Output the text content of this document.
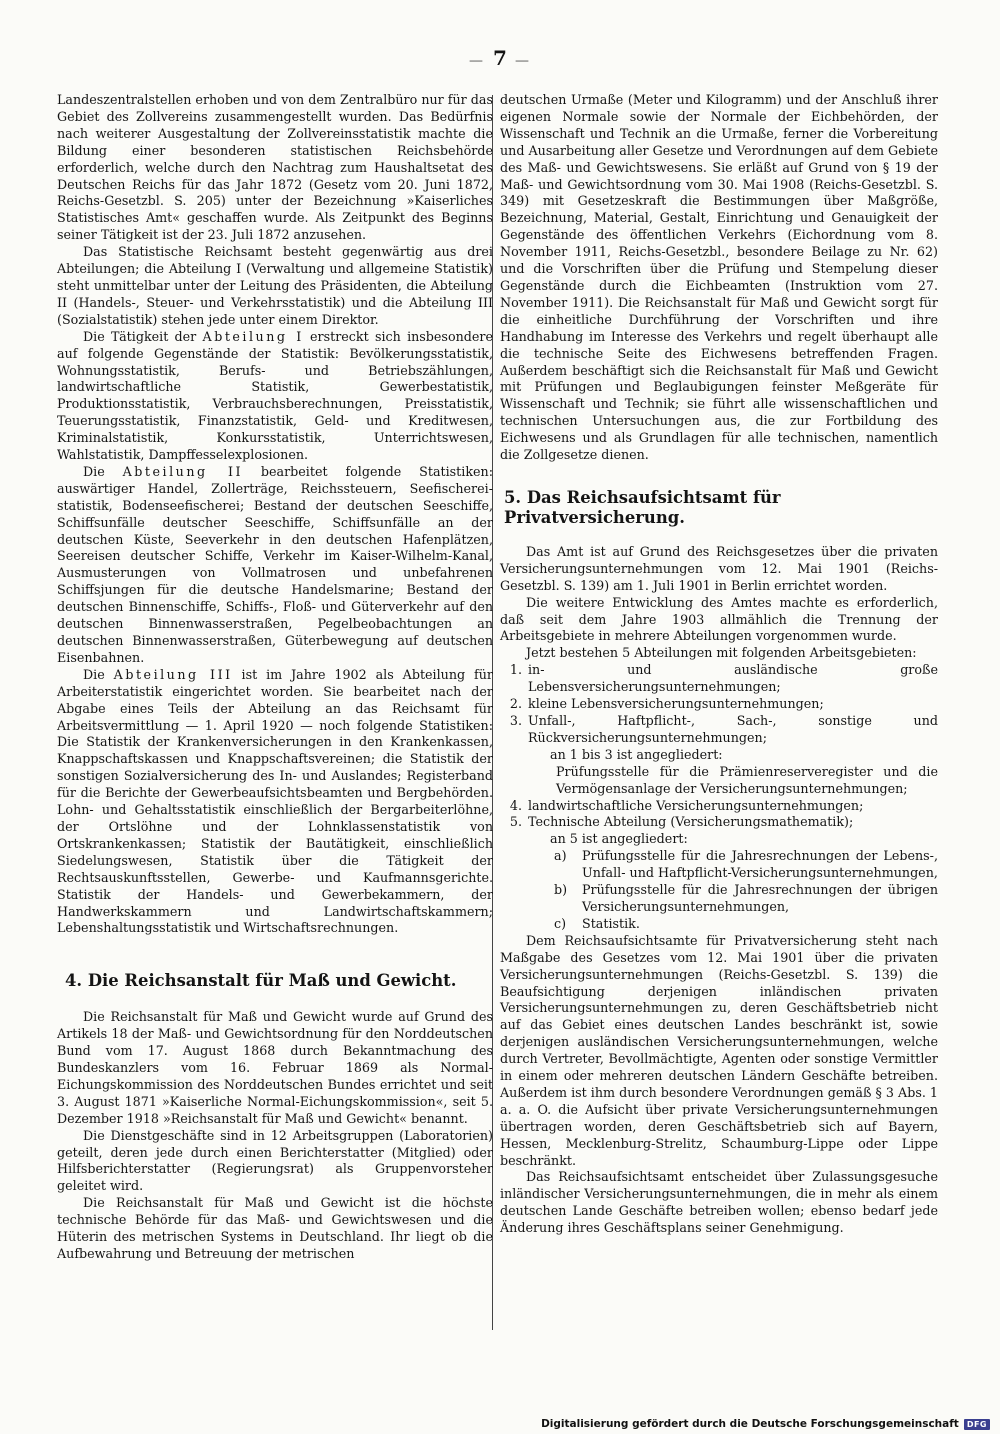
— 7 —

Landeszentralstellen erhoben und von dem Zentralbüro nur für das Gebiet des Zollvereins zusammengestellt wurden. Das Bedürfnis nach weiterer Ausgestaltung der Zollvereinsstatistik machte die Bildung einer besonderen statistischen Reichsbehörde erforderlich, welche durch den Nachtrag zum Haushaltsetat des Deutschen Reichs für das Jahr 1872 (Gesetz vom 20. Juni 1872, Reichs-Gesetzbl. S. 205) unter der Bezeichnung »Kaiserliches Statistisches Amt« geschaffen wurde. Als Zeitpunkt des Beginns seiner Tätigkeit ist der 23. Juli 1872 anzusehen.

Das Statistische Reichsamt besteht gegenwärtig aus drei Abteilungen; die Abteilung I (Verwaltung und allgemeine Statistik) steht unmittelbar unter der Leitung des Präsidenten, die Abteilung II (Handels-, Steuer- und Verkehrsstatistik) und die Abteilung III (Sozialstatistik) stehen jede unter einem Direktor.

Die Tätigkeit der Abteilung I erstreckt sich insbesondere auf folgende Gegenstände der Statistik: Bevölkerungsstatistik, Wohnungsstatistik, Berufs- und Betriebszählungen, landwirtschaftliche Statistik, Gewerbestatistik, Produktionsstatistik, Verbrauchsberechnungen, Preisstatistik, Teuerungsstatistik, Finanzstatistik, Geld- und Kreditwesen, Kriminalstatistik, Konkursstatistik, Unterrichtswesen, Wahlstatistik, Dampffesselexplosionen.

Die Abteilung II bearbeitet folgende Statistiken: auswärtiger Handel, Zollerträge, Reichssteuern, Seefischereistatistik, Bodenseefischerei; Bestand der deutschen Seeschiffe, Schiffsunfälle deutscher Seeschiffe, Schiffsunfälle an der deutschen Küste, Seeverkehr in den deutschen Hafenplätzen, Seereisen deutscher Schiffe, Verkehr im Kaiser-Wilhelm-Kanal, Ausmusterungen von Vollmatrosen und unbefahrenen Schiffsjungen für die deutsche Handelsmarine; Bestand der deutschen Binnenschiffe, Schiffs-, Floß- und Güterverkehr auf den deutschen Binnenwasserstraßen, Pegelbeobachtungen an deutschen Binnenwasserstraßen, Güterbewegung auf deutschen Eisenbahnen.

Die Abteilung III ist im Jahre 1902 als Abteilung für Arbeiterstatistik eingerichtet worden. Sie bearbeitet nach der Abgabe eines Teils der Abteilung an das Reichsamt für Arbeitsvermittlung — 1. April 1920 — noch folgende Statistiken: Die Statistik der Krankenversicherungen in den Krankenkassen, Knappschaftskassen und Knappschaftsvereinen; die Statistik der sonstigen Sozialversicherung des In- und Auslandes; Registerband für die Berichte der Gewerbeaufsichtsbeamten und Bergbehörden. Lohn- und Gehaltsstatistik einschließlich der Bergarbeiterlöhne, der Ortslöhne und der Lohnklassenstatistik von Ortskrankenkassen; Statistik der Bautätigkeit, einschließlich Siedelungswesen, Statistik über die Tätigkeit der Rechtsauskunftsstellen, Gewerbe- und Kaufmannsgerichte. Statistik der Handels- und Gewerbekammern, der Handwerkskammern und Landwirtschaftskammern; Lebenshaltungsstatistik und Wirtschaftsrechnungen.

4. Die Reichsanstalt für Maß und Gewicht.

Die Reichsanstalt für Maß und Gewicht wurde auf Grund des Artikels 18 der Maß- und Gewichtsordnung für den Norddeutschen Bund vom 17. August 1868 durch Bekanntmachung des Bundeskanzlers vom 16. Februar 1869 als Normal-Eichungskommission des Norddeutschen Bundes errichtet und seit 3. August 1871 »Kaiserliche Normal-Eichungskommission«, seit 5. Dezember 1918 »Reichsanstalt für Maß und Gewicht« benannt.

Die Dienstgeschäfte sind in 12 Arbeitsgruppen (Laboratorien) geteilt, deren jede durch einen Berichterstatter (Mitglied) oder Hilfsberichterstatter (Regierungsrat) als Gruppenvorsteher geleitet wird.

Die Reichsanstalt für Maß und Gewicht ist die höchste technische Behörde für das Maß- und Gewichtswesen und die Hüterin des metrischen Systems in Deutschland. Ihr liegt ob die Aufbewahrung und Betreuung der metrischen

deutschen Urmaße (Meter und Kilogramm) und der Anschluß ihrer eigenen Normale sowie der Normale der Eichbehörden, der Wissenschaft und Technik an die Urmaße, ferner die Vorbereitung und Ausarbeitung aller Gesetze und Verordnungen auf dem Gebiete des Maß- und Gewichtswesens. Sie erläßt auf Grund von § 19 der Maß- und Gewichtsordnung vom 30. Mai 1908 (Reichs-Gesetzbl. S. 349) mit Gesetzeskraft die Bestimmungen über Maßgröße, Bezeichnung, Material, Gestalt, Einrichtung und Genauigkeit der Gegenstände des öffentlichen Verkehrs (Eichordnung vom 8. November 1911, Reichs-Gesetzbl., besondere Beilage zu Nr. 62) und die Vorschriften über die Prüfung und Stempelung dieser Gegenstände durch die Eichbeamten (Instruktion vom 27. November 1911). Die Reichsanstalt für Maß und Gewicht sorgt für die einheitliche Durchführung der Vorschriften und ihre Handhabung im Interesse des Verkehrs und regelt überhaupt alle die technische Seite des Eichwesens betreffenden Fragen. Außerdem beschäftigt sich die Reichsanstalt für Maß und Gewicht mit Prüfungen und Beglaubigungen feinster Meßgeräte für Wissenschaft und Technik; sie führt alle wissenschaftlichen und technischen Untersuchungen aus, die zur Fortbildung des Eichwesens und als Grundlagen für alle technischen, namentlich die Zollgesetze dienen.

5. Das Reichsaufsichtsamt für Privatversicherung.

Das Amt ist auf Grund des Reichsgesetzes über die privaten Versicherungsunternehmungen vom 12. Mai 1901 (Reichs-Gesetzbl. S. 139) am 1. Juli 1901 in Berlin errichtet worden.

Die weitere Entwicklung des Amtes machte es erforderlich, daß seit dem Jahre 1903 allmählich die Trennung der Arbeitsgebiete in mehrere Abteilungen vorgenommen wurde.

Jetzt bestehen 5 Abteilungen mit folgenden Arbeitsgebieten:

1. in- und ausländische große Lebensversicherungsunternehmungen;
2. kleine Lebensversicherungsunternehmungen;
3. Unfall-, Haftpflicht-, Sach-, sonstige und Rückversicherungsunternehmungen;
an 1 bis 3 ist angegliedert:
Prüfungsstelle für die Prämienreserveregister und die Vermögensanlage der Versicherungsunternehmungen;
4. landwirtschaftliche Versicherungsunternehmungen;
5. Technische Abteilung (Versicherungsmathematik);
an 5 ist angegliedert:
a) Prüfungsstelle für die Jahresrechnungen der Lebens-, Unfall- und Haftpflicht-Versicherungsunternehmungen,
b) Prüfungsstelle für die Jahresrechnungen der übrigen Versicherungsunternehmungen,
c) Statistik.

Dem Reichsaufsichtsamte für Privatversicherung steht nach Maßgabe des Gesetzes vom 12. Mai 1901 über die privaten Versicherungsunternehmungen (Reichs-Gesetzbl. S. 139) die Beaufsichtigung derjenigen inländischen privaten Versicherungsunternehmungen zu, deren Geschäftsbetrieb nicht auf das Gebiet eines deutschen Landes beschränkt ist, sowie derjenigen ausländischen Versicherungsunternehmungen, welche durch Vertreter, Bevollmächtigte, Agenten oder sonstige Vermittler in einem oder mehreren deutschen Ländern Geschäfte betreiben. Außerdem ist ihm durch besondere Verordnungen gemäß § 3 Abs. 1 a. a. O. die Aufsicht über private Versicherungsunternehmungen übertragen worden, deren Geschäftsbetrieb sich auf Bayern, Hessen, Mecklenburg-Strelitz, Schaumburg-Lippe oder Lippe beschränkt.

Das Reichsaufsichtsamt entscheidet über Zulassungsgesuche inländischer Versicherungsunternehmungen, die in mehr als einem deutschen Lande Geschäfte betreiben wollen; ebenso bedarf jede Änderung ihres Geschäftsplans seiner Genehmigung.

Digitalisierung gefördert durch die Deutsche Forschungsgemeinschaft	DFG
